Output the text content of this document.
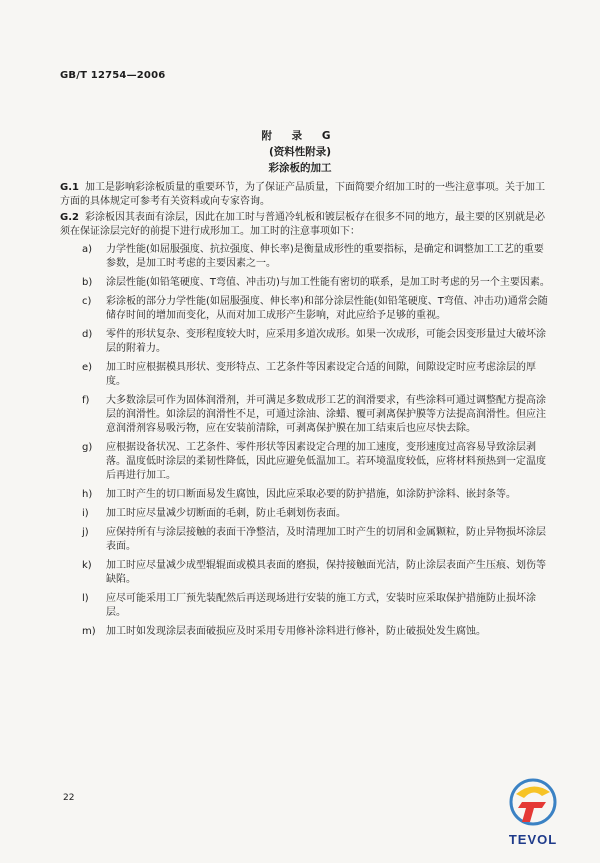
GB/T 12754—2006
附 录 G
(资料性附录)
彩涂板的加工

G.1 加工是影响彩涂板质量的重要环节，为了保证产品质量，下面简要介绍加工时的一些注意事项。关于加工方面的具体规定可参考有关资料或向专家咨询。

G.2 彩涂板因其表面有涂层，因此在加工时与普通冷轧板和镀层板存在很多不同的地方，最主要的区别就是必须在保证涂层完好的前提下进行成形加工。加工时的注意事项如下：

a)	力学性能(如屈服强度、抗拉强度、伸长率)是衡量成形性的重要指标，是确定和调整加工工艺的重要参数，是加工时考虑的主要因素之一。
b)	涂层性能(如铅笔硬度、T弯值、冲击功)与加工性能有密切的联系，是加工时考虑的另一个主要因素。
c)	彩涂板的部分力学性能(如屈服强度、伸长率)和部分涂层性能(如铅笔硬度、T弯值、冲击功)通常会随储存时间的增加而变化，从而对加工成形产生影响，对此应给予足够的重视。
d)	零件的形状复杂、变形程度较大时，应采用多道次成形。如果一次成形，可能会因变形量过大破坏涂层的附着力。
e)	加工时应根据模具形状、变形特点、工艺条件等因素设定合适的间隙，间隙设定时应考虑涂层的厚度。
f)	大多数涂层可作为固体润滑剂，并可满足多数成形工艺的润滑要求，有些涂料可通过调整配方提高涂层的润滑性。如涂层的润滑性不足，可通过涂油、涂蜡、覆可剥离保护膜等方法提高润滑性。但应注意润滑剂容易吸污物，应在安装前清除，可剥离保护膜在加工结束后也应尽快去除。
g)	应根据设备状况、工艺条件、零件形状等因素设定合理的加工速度，变形速度过高容易导致涂层剥落。温度低时涂层的柔韧性降低，因此应避免低温加工。若环境温度较低，应将材料预热到一定温度后再进行加工。
h)	加工时产生的切口断面易发生腐蚀，因此应采取必要的防护措施，如涂防护涂料、嵌封条等。
i)	加工时应尽量减少切断面的毛刺，防止毛刺划伤表面。
j)	应保持所有与涂层接触的表面干净整洁，及时清理加工时产生的切屑和金属颗粒，防止异物损坏涂层表面。
k)	加工时应尽量减少成型辊辊面或模具表面的磨损，保持接触面光洁，防止涂层表面产生压痕、划伤等缺陷。
l)	应尽可能采用工厂预先装配然后再送现场进行安装的施工方式，安装时应采取保护措施防止损坏涂层。
m)	加工时如发现涂层表面破损应及时采用专用修补涂料进行修补，防止破损处发生腐蚀。
22
TEVOL
